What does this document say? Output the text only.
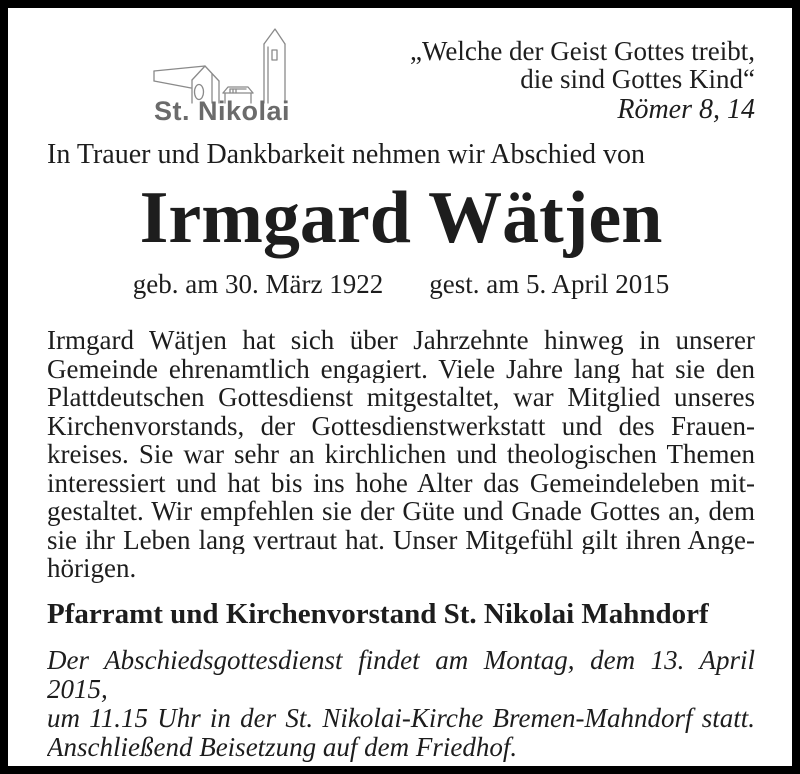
St. Nikolai
„Welche der Geist Gottes treibt,
die sind Gottes Kind“
Römer 8, 14
In Trauer und Dankbarkeit nehmen wir Abschied von
Irmgard Wätjen
geb. am 30. März 1922 gest. am 5. April 2015
Irmgard Wätjen hat sich über Jahrzehnte hinweg in unserer
Gemeinde ehrenamtlich engagiert. Viele Jahre lang hat sie den
Plattdeutschen Gottesdienst mitgestaltet, war Mitglied unseres
Kirchenvorstands, der Gottesdienstwerkstatt und des Frauen-
kreises. Sie war sehr an kirchlichen und theologischen Themen
interessiert und hat bis ins hohe Alter das Gemeindeleben mit-
gestaltet. Wir empfehlen sie der Güte und Gnade Gottes an, dem
sie ihr Leben lang vertraut hat. Unser Mitgefühl gilt ihren Ange-
hörigen.
Pfarramt und Kirchenvorstand St. Nikolai Mahndorf
Der Abschiedsgottesdienst findet am Montag, dem 13. April 2015,
um 11.15 Uhr in der St. Nikolai-Kirche Bremen-Mahndorf statt.
Anschließend Beisetzung auf dem Friedhof.
